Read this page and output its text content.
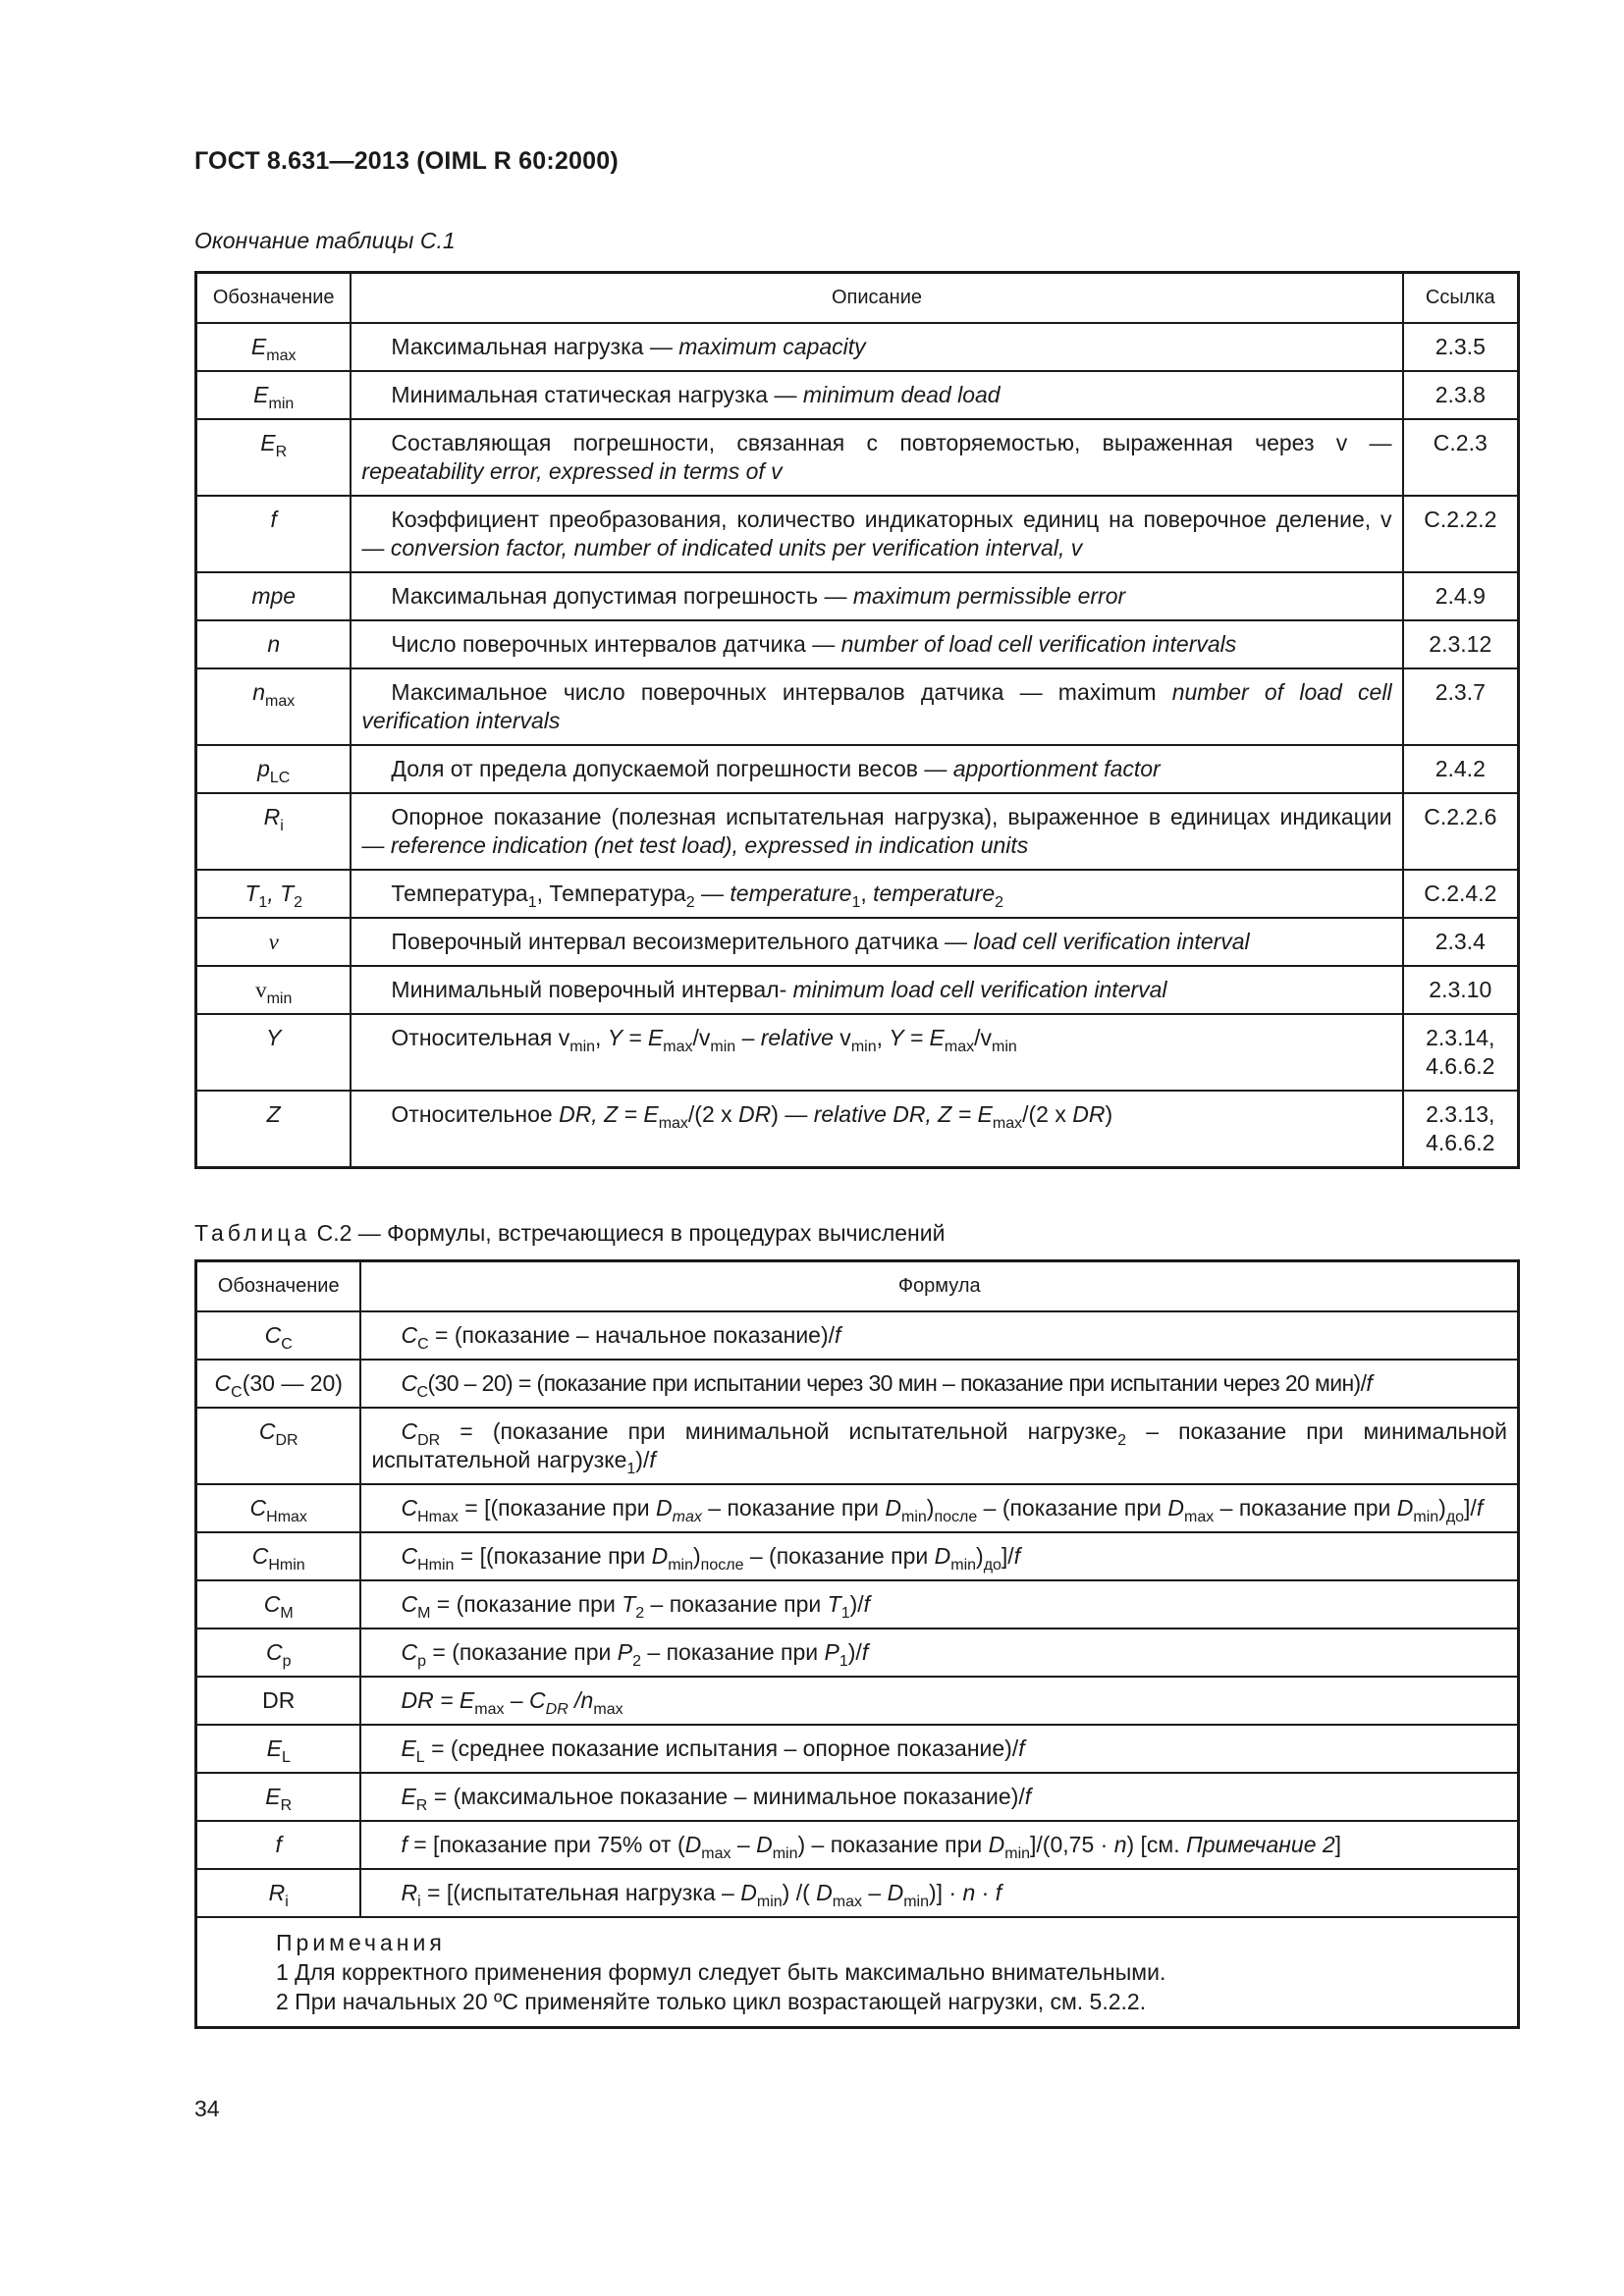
ГОСТ 8.631—2013 (OIML R 60:2000)
Окончание таблицы С.1
Обозначение	Описание	Ссылка
$E_{max}$	Максимальная нагрузка — maximum capacity	2.3.5
$E_{min}$	Минимальная статическая нагрузка — minimum dead load	2.3.8
$E_R$	Составляющая погрешности, связанная с повторяемостью, выраженная через v — repeatability error, expressed in terms of v	С.2.3
f	Коэффициент преобразования, количество индикаторных единиц на поверочное деление, v — conversion factor, number of indicated units per verification interval, v	С.2.2.2
mpe	Максимальная допустимая погрешность — maximum permissible error	2.4.9
n	Число поверочных интервалов датчика — number of load cell verification intervals	2.3.12
$n_{max}$	Максимальное число поверочных интервалов датчика — maximum number of load cell verification intervals	2.3.7
$p_{LC}$	Доля от предела допускаемой погрешности весов — apportionment factor	2.4.2
$R_i$	Опорное показание (полезная испытательная нагрузка), выраженное в единицах индикации — reference indication (net test load), expressed in indication units	С.2.2.6
$T_1$, $T_2$	Температура$_1$, Температура$_2$ — temperature$_1$, temperature$_2$	С.2.4.2
v	Поверочный интервал весоизмерительного датчика — load cell verification interval	2.3.4
$v_{min}$	Минимальный поверочный интервал- minimum load cell verification interval	2.3.10
Y	Относительная $v_{min}$, $Y = E_{max}/v_{min}$ – relative $v_{min}$, $Y = E_{max}/v_{min}$	2.3.14,
4.6.6.2
Z	Относительное DR, $Z = E_{max}/(2$ x DR) — relative DR, $Z = E_{max}/(2$ x DR)	2.3.13,
4.6.6.2
Таблица С.2 — Формулы, встречающиеся в процедурах вычислений
Обозначение	Формула
$C_C$	$C_C$ = (показание – начальное показание)/f
$C_C(30$ — 20)	$C_C(30 - 20)$ = (показание при испытании через 30 мин – показание при испытании через 20 мин)/f
$C_{DR}$	$C_{DR}$ = (показание при минимальной испытательной нагрузке$_2$ – показание при минимальной испытательной нагрузке$_1$)/f
$C_{Hmax}$	$C_{Hmax}$ = [(показание при $D_{max}$ – показание при $D_{min})_{после}$ – (показание при $D_{max}$ – показание при $D_{min})_{до}]/f$
$C_{Hmin}$	$C_{Hmin}$ = [(показание при $D_{min})_{после}$ – (показание при $D_{min})_{до}]/f$
$C_M$	$C_M$ = (показание при $T_2$ – показание при $T_1)/f$
$C_p$	$C_p$ = (показание при $P_2$ – показание при $P_1)/f$
DR	DR = $E_{max} - C_{DR}$ $/n_{max}$
$E_L$	$E_L$ = (среднее показание испытания – опорное показание)/f
$E_R$	$E_R$ = (максимальное показание – минимальное показание)/f
f	f = [показание при 75% от $(D_{max} - D_{min})$ – показание при $D_{min}]/(0,75 \cdot n)$ [см. Примечание 2]
$R_i$	$R_i$ = [(испытательная нагрузка – $D_{min}$) /( $D_{max} - D_{min})] \cdot n \cdot f$

Примечания
1 Для корректного применения формул следует быть максимально внимательными.
2 При начальных 20 ºС применяйте только цикл возрастающей нагрузки, см. 5.2.2.	
34
